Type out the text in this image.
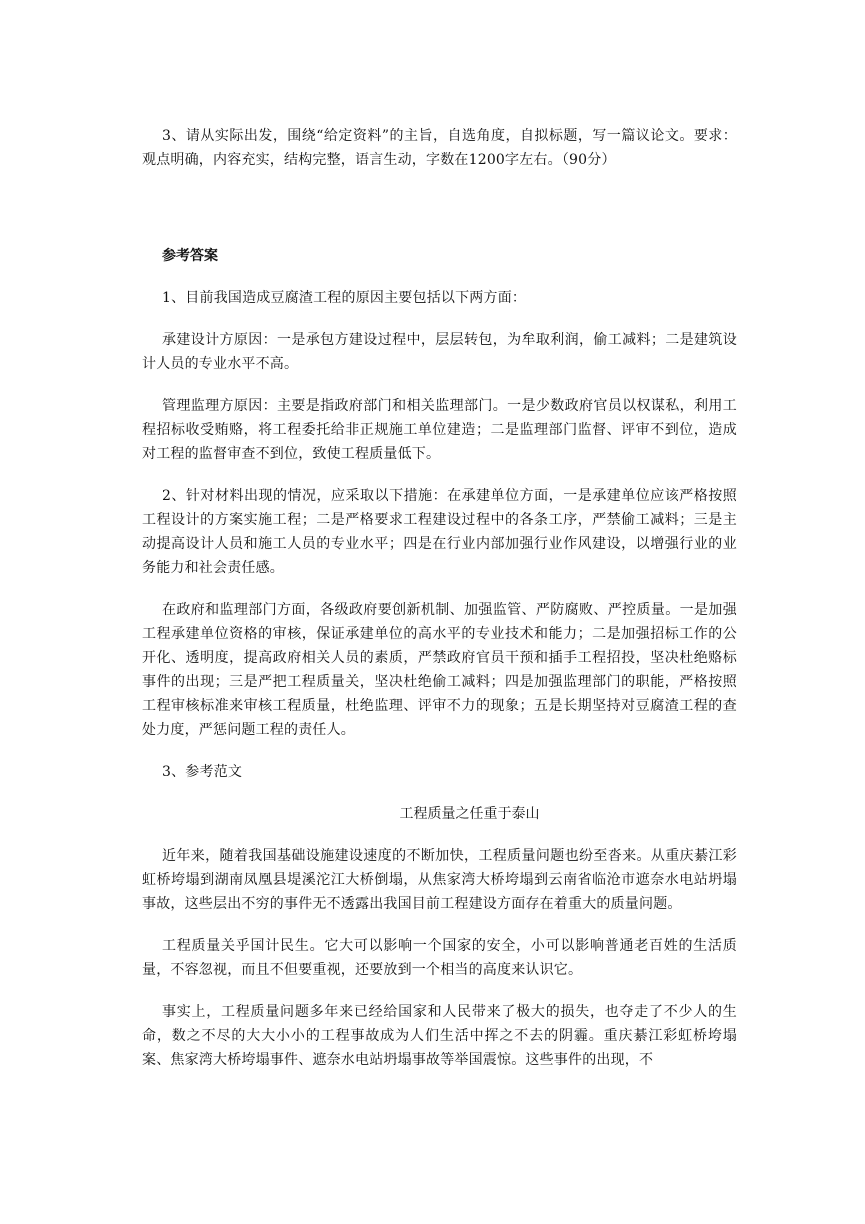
3、请从实际出发，围绕“给定资料”的主旨，自选角度，自拟标题，写一篇议论文。要求：观点明确，内容充实，结构完整，语言生动，字数在1200字左右。（90分）

参考答案

1、目前我国造成豆腐渣工程的原因主要包括以下两方面：

承建设计方原因：一是承包方建设过程中，层层转包，为牟取利润，偷工减料；二是建筑设计人员的专业水平不高。

管理监理方原因：主要是指政府部门和相关监理部门。一是少数政府官员以权谋私，利用工程招标收受贿赂，将工程委托给非正规施工单位建造；二是监理部门监督、评审不到位，造成对工程的监督审查不到位，致使工程质量低下。

2、针对材料出现的情况，应采取以下措施：在承建单位方面，一是承建单位应该严格按照工程设计的方案实施工程；二是严格要求工程建设过程中的各条工序，严禁偷工减料；三是主动提高设计人员和施工人员的专业水平；四是在行业内部加强行业作风建设，以增强行业的业务能力和社会责任感。

在政府和监理部门方面，各级政府要创新机制、加强监管、严防腐败、严控质量。一是加强工程承建单位资格的审核，保证承建单位的高水平的专业技术和能力；二是加强招标工作的公开化、透明度，提高政府相关人员的素质，严禁政府官员干预和插手工程招投，坚决杜绝赂标事件的出现；三是严把工程质量关，坚决杜绝偷工减料；四是加强监理部门的职能，严格按照工程审核标准来审核工程质量，杜绝监理、评审不力的现象；五是长期坚持对豆腐渣工程的查处力度，严惩问题工程的责任人。

3、参考范文

工程质量之任重于泰山

近年来，随着我国基础设施建设速度的不断加快，工程质量问题也纷至沓来。从重庆綦江彩虹桥垮塌到湖南凤凰县堤溪沱江大桥倒塌，从焦家湾大桥垮塌到云南省临沧市遮奈水电站坍塌事故，这些层出不穷的事件无不透露出我国目前工程建设方面存在着重大的质量问题。

工程质量关乎国计民生。它大可以影响一个国家的安全，小可以影响普通老百姓的生活质量，不容忽视，而且不但要重视，还要放到一个相当的高度来认识它。

事实上，工程质量问题多年来已经给国家和人民带来了极大的损失，也夺走了不少人的生命，数之不尽的大大小小的工程事故成为人们生活中挥之不去的阴霾。重庆綦江彩虹桥垮塌案、焦家湾大桥垮塌事件、遮奈水电站坍塌事故等举国震惊。这些事件的出现，不
